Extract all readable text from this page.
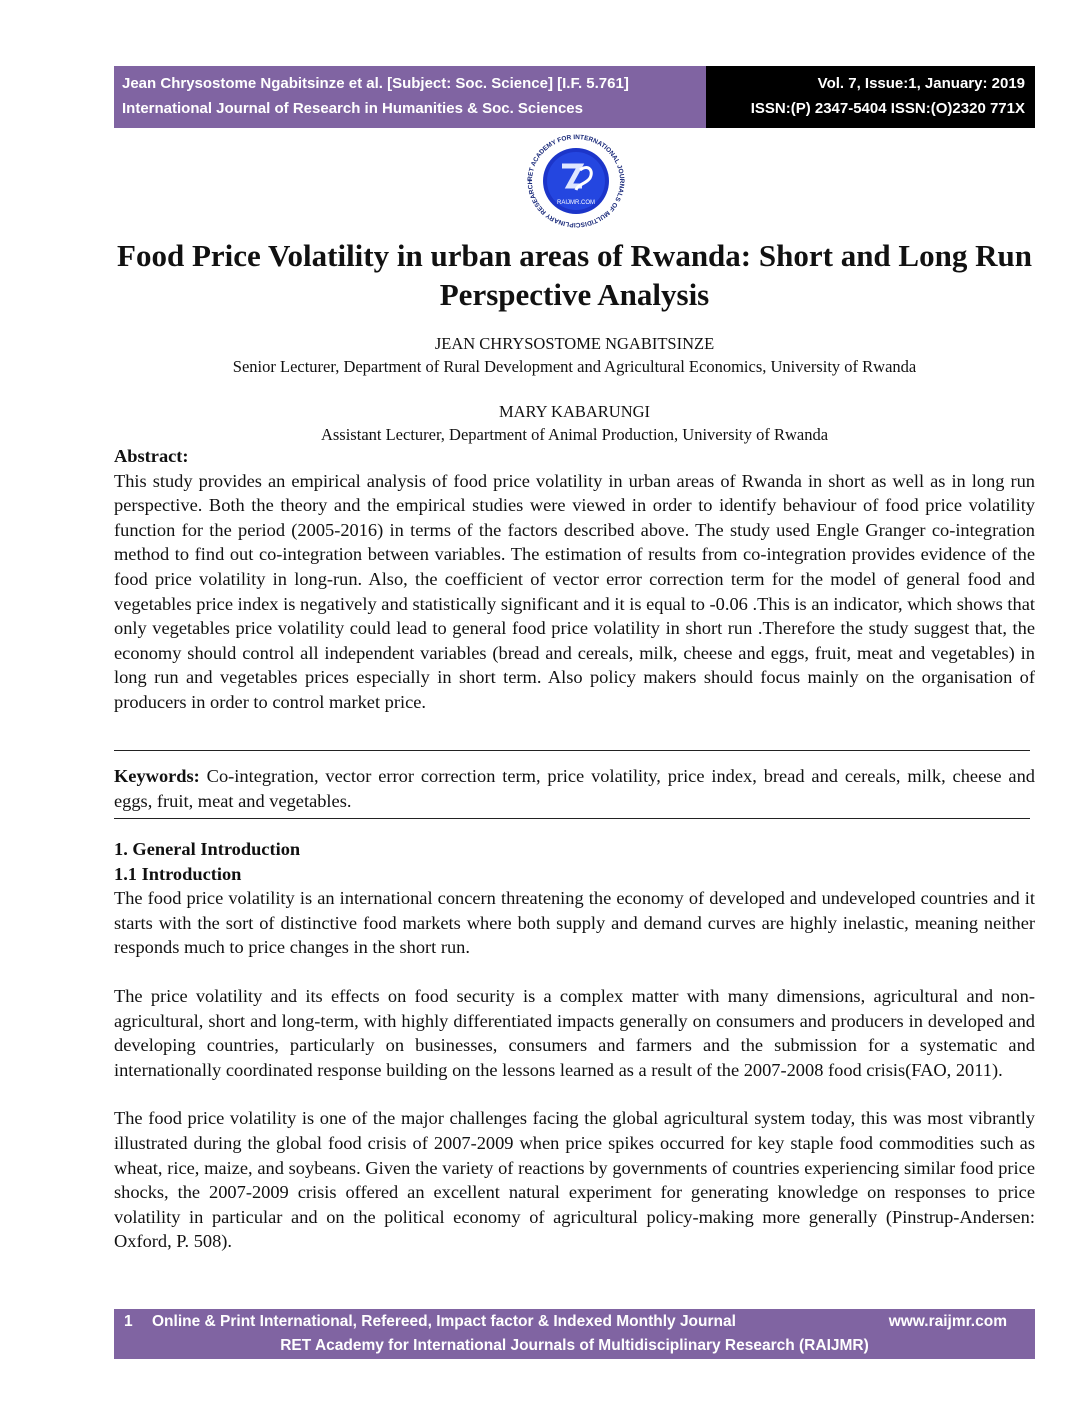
Jean Chrysostome Ngabitsinze et al. [Subject: Soc. Science] [I.F. 5.761]
International Journal of Research in Humanities & Soc. Sciences
Vol. 7, Issue:1, January: 2019
ISSN:(P) 2347-5404 ISSN:(O)2320 771X
RET ACADEMY FOR INTERNATIONAL JOURNALS OF MULTIDISCIPLINARY RESEARCH
RAIJMR.COM
Food Price Volatility in urban areas of Rwanda: Short and Long Run Perspective Analysis
JEAN CHRYSOSTOME NGABITSINZE
Senior Lecturer, Department of Rural Development and Agricultural Economics, University of Rwanda
MARY KABARUNGI
Assistant Lecturer, Department of Animal Production, University of Rwanda
Abstract:

This study provides an empirical analysis of food price volatility in urban areas of Rwanda in short as well as in long run perspective. Both the theory and the empirical studies were viewed in order to identify behaviour of food price volatility function for the period (2005-2016) in terms of the factors described above. The study used Engle Granger co-integration method to find out co-integration between variables. The estimation of results from co-integration provides evidence of the food price volatility in long-run. Also, the coefficient of vector error correction term for the model of general food and vegetables price index is negatively and statistically significant and it is equal to -0.06 .This is an indicator, which shows that only vegetables price volatility could lead to general food price volatility in short run .Therefore the study suggest that, the economy should control all independent variables (bread and cereals, milk, cheese and eggs, fruit, meat and vegetables) in long run and vegetables prices especially in short term. Also policy makers should focus mainly on the organisation of producers in order to control market price.

Keywords: Co-integration, vector error correction term, price volatility, price index, bread and cereals, milk, cheese and eggs, fruit, meat and vegetables.

1. General Introduction
1.1 Introduction

The food price volatility is an international concern threatening the economy of developed and undeveloped countries and it starts with the sort of distinctive food markets where both supply and demand curves are highly inelastic, meaning neither responds much to price changes in the short run.

The price volatility and its effects on food security is a complex matter with many dimensions, agricultural and non-agricultural, short and long-term, with highly differentiated impacts generally on consumers and producers in developed and developing countries, particularly on businesses, consumers and farmers and the submission for a systematic and internationally coordinated response building on the lessons learned as a result of the 2007-2008 food crisis(FAO, 2011).

The food price volatility is one of the major challenges facing the global agricultural system today, this was most vibrantly illustrated during the global food crisis of 2007-2009 when price spikes occurred for key staple food commodities such as wheat, rice, maize, and soybeans. Given the variety of reactions by governments of countries experiencing similar food price shocks, the 2007-2009 crisis offered an excellent natural experiment for generating knowledge on responses to price volatility in particular and on the political economy of agricultural policy-making more generally (Pinstrup-Andersen: Oxford, P. 508).

1 Online & Print International, Refereed, Impact factor & Indexed Monthly Journal	www.raijmr.com
RET Academy for International Journals of Multidisciplinary Research (RAIJMR)
